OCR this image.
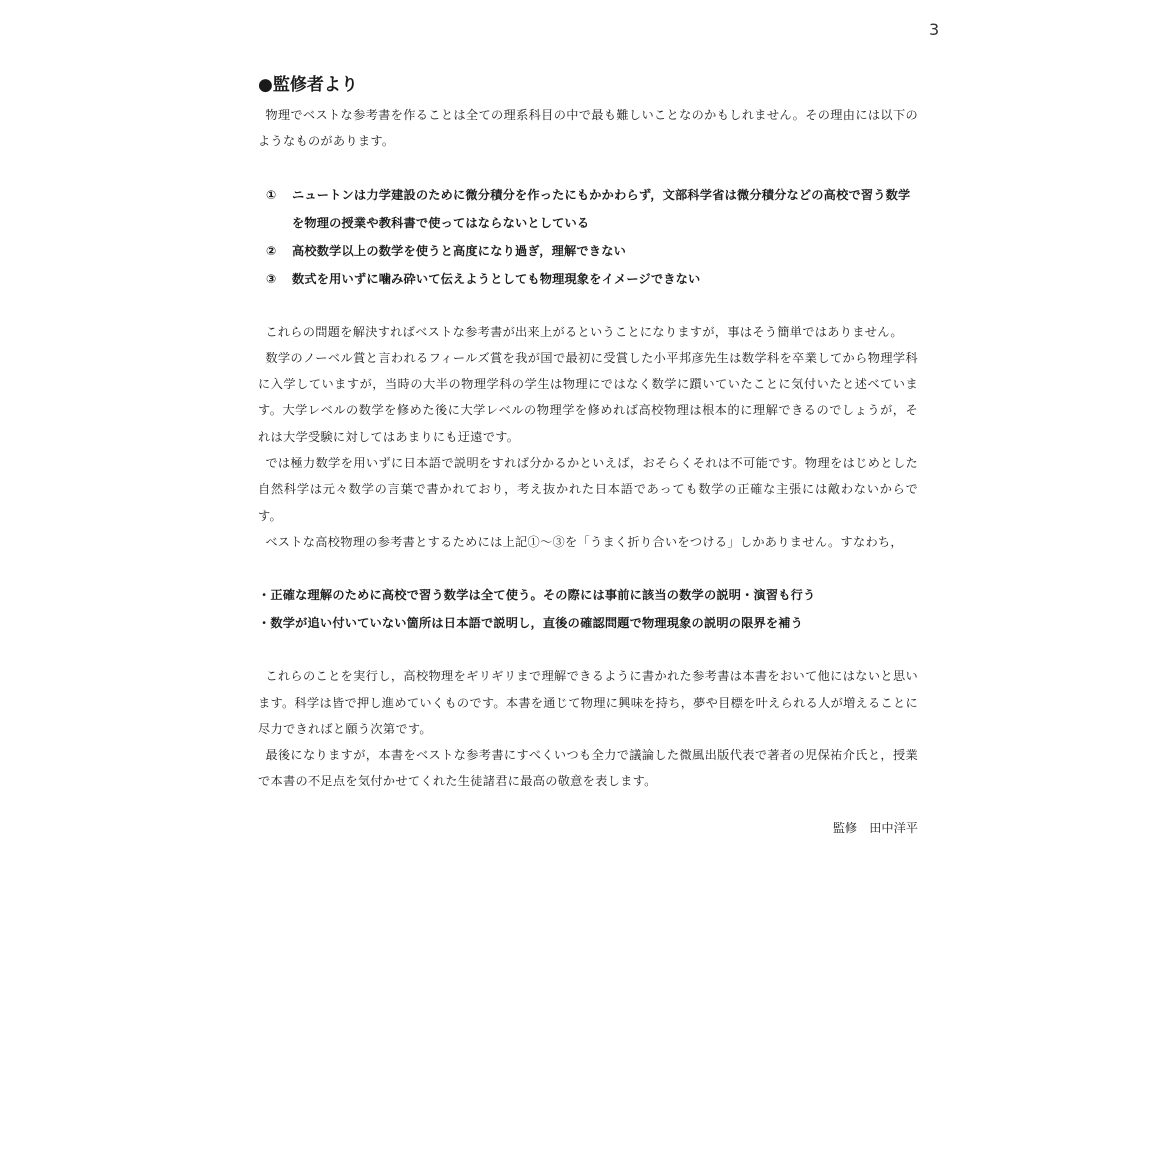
3
●監修者より

物理でベストな参考書を作ることは全ての理系科目の中で最も難しいことなのかもしれません。その理由には以下のようなものがあります。

①	ニュートンは力学建設のために微分積分を作ったにもかかわらず，文部科学省は微分積分などの高校で習う数学を物理の授業や教科書で使ってはならないとしている
②	高校数学以上の数学を使うと高度になり過ぎ，理解できない
③	数式を用いずに噛み砕いて伝えようとしても物理現象をイメージできない

これらの問題を解決すればベストな参考書が出来上がるということになりますが，事はそう簡単ではありません。

数学のノーベル賞と言われるフィールズ賞を我が国で最初に受賞した小平邦彦先生は数学科を卒業してから物理学科に入学していますが，当時の大半の物理学科の学生は物理にではなく数学に躓いていたことに気付いたと述べています。大学レベルの数学を修めた後に大学レベルの物理学を修めれば高校物理は根本的に理解できるのでしょうが，それは大学受験に対してはあまりにも迂遠です。

では極力数学を用いずに日本語で説明をすれば分かるかといえば，おそらくそれは不可能です。物理をはじめとした自然科学は元々数学の言葉で書かれており，考え抜かれた日本語であっても数学の正確な主張には敵わないからです。

ベストな高校物理の参考書とするためには上記①～③を「うまく折り合いをつける」しかありません。すなわち，

・正確な理解のために高校で習う数学は全て使う。その際には事前に該当の数学の説明・演習も行う
・数学が追い付いていない箇所は日本語で説明し，直後の確認問題で物理現象の説明の限界を補う

これらのことを実行し，高校物理をギリギリまで理解できるように書かれた参考書は本書をおいて他にはないと思います。科学は皆で押し進めていくものです。本書を通じて物理に興味を持ち，夢や目標を叶えられる人が増えることに尽力できればと願う次第です。

最後になりますが，本書をベストな参考書にすべくいつも全力で議論した微風出版代表で著者の児保祐介氏と，授業で本書の不足点を気付かせてくれた生徒諸君に最高の敬意を表します。

監修　田中洋平
